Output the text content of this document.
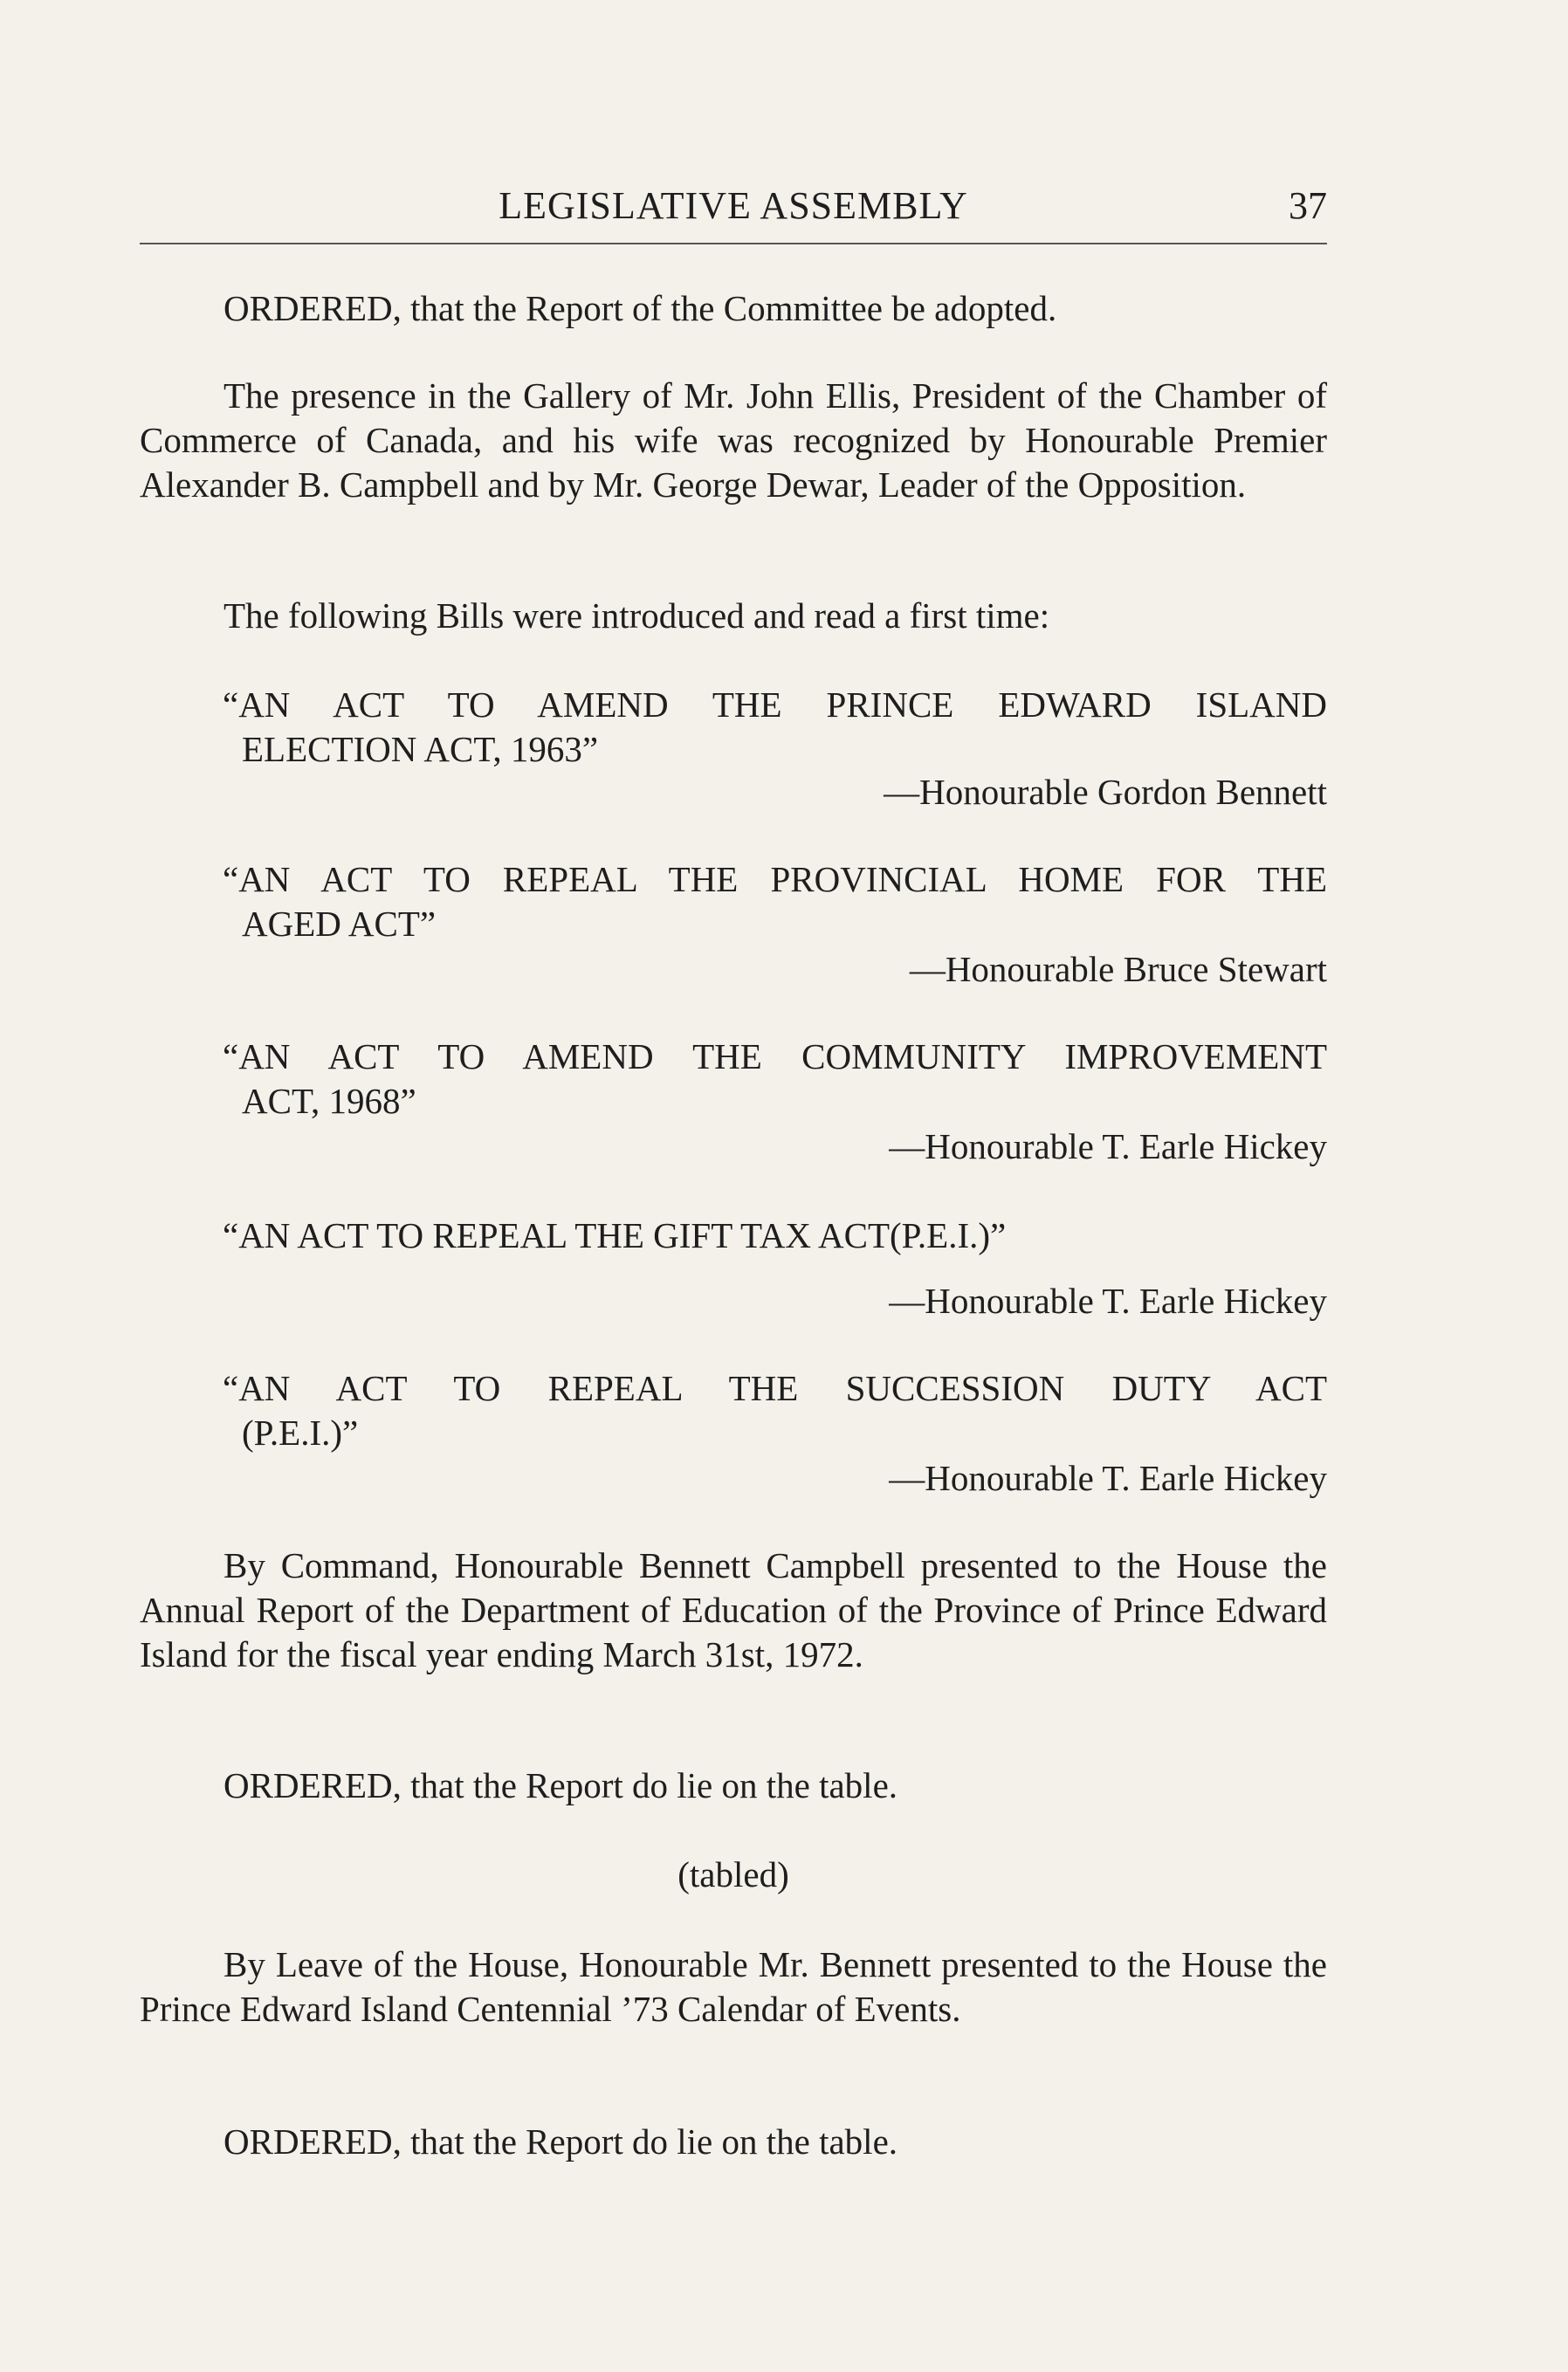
LEGISLATIVE ASSEMBLY	37
ORDERED, that the Report of the Committee be adopted.
The presence in the Gallery of Mr. John Ellis, President of the Chamber of Commerce of Canada, and his wife was recognized by Honourable Premier Alexander B. Campbell and by Mr. George Dewar, Leader of the Opposition.
The following Bills were introduced and read a first time:
“AN ACT TO AMEND THE PRINCE EDWARD ISLAND
ELECTION ACT, 1963”
—Honourable Gordon Bennett
“AN ACT TO REPEAL THE PROVINCIAL HOME FOR THE
AGED ACT”
—Honourable Bruce Stewart
“AN ACT TO AMEND THE COMMUNITY IMPROVEMENT
ACT, 1968”
—Honourable T. Earle Hickey
“AN ACT TO REPEAL THE GIFT TAX ACT(P.E.I.)”
—Honourable T. Earle Hickey
“AN ACT TO REPEAL THE SUCCESSION DUTY ACT
(P.E.I.)”
—Honourable T. Earle Hickey
By Command, Honourable Bennett Campbell presented to the House the Annual Report of the Department of Education of the Province of Prince Edward Island for the fiscal year ending March 31st, 1972.
ORDERED, that the Report do lie on the table.
(tabled)
By Leave of the House, Honourable Mr. Bennett presented to the House the Prince Edward Island Centennial ’73 Calendar of Events.
ORDERED, that the Report do lie on the table.
